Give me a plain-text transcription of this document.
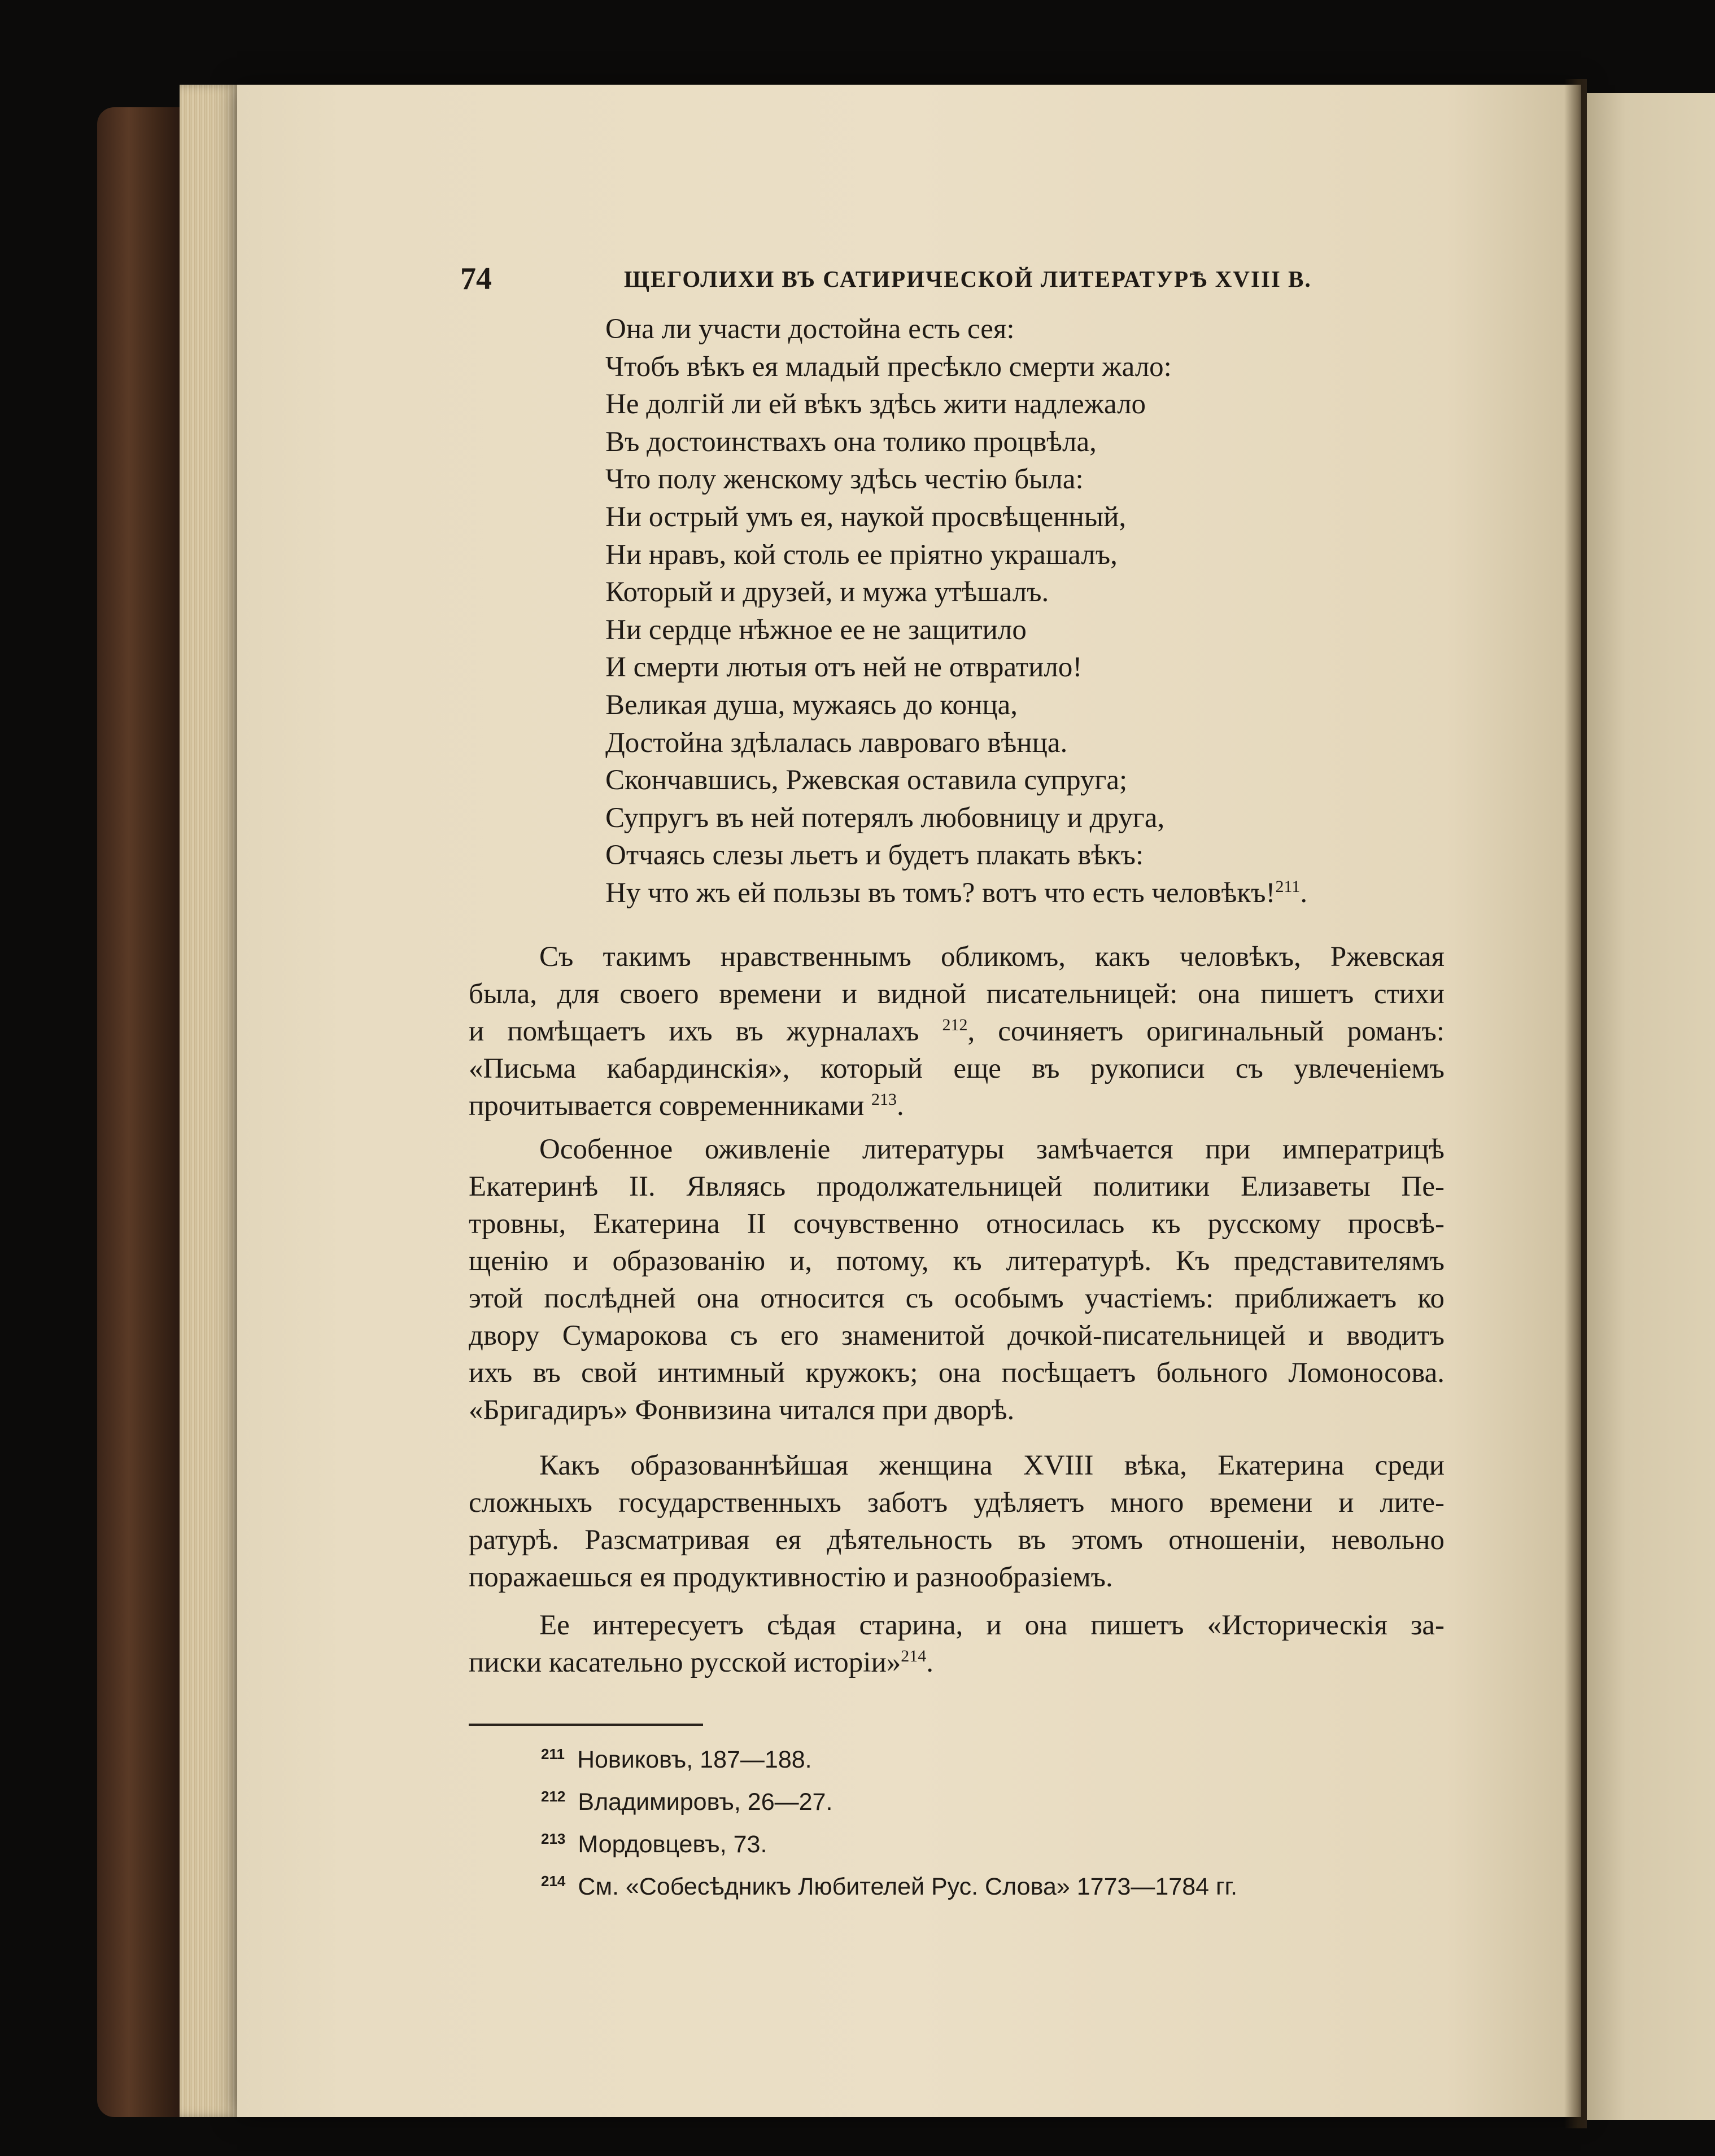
74	ЩЕГОЛИХИ ВЪ САТИРИЧЕСКОЙ ЛИТЕРАТУРѢ XVIII В.
Она ли участи достойна есть сея:
Чтобъ вѣкъ ея младый пресѣкло смерти жало:
Не долгій ли ей вѣкъ здѣсь жити надлежало
Въ достоинствахъ она толико процвѣла,
Что полу женскому здѣсь честію была:
Ни острый умъ ея, наукой просвѣщенный,
Ни нравъ, кой столь ее пріятно украшалъ,
Который и друзей, и мужа утѣшалъ.
Ни сердце нѣжное ее не защитило
И смерти лютыя отъ ней не отвратило!
Великая душа, мужаясь до конца,
Достойна здѣлалась лавроваго вѣнца.
Скончавшись, Ржевская оставила супруга;
Супругъ въ ней потерялъ любовницу и друга,
Отчаясь слезы льетъ и будетъ плакать вѣкъ:
Ну что жъ ей пользы въ томъ? вотъ что есть человѣкъ!$^{211}$.
Съ такимъ нравственнымъ обликомъ, какъ человѣкъ, Ржевская
была, для своего времени и видной писательницей: она пишетъ стихи
и помѣщаетъ ихъ въ журналахъ $^{212}$, сочиняетъ оригинальный романъ:
«Письма кабардинскія», который еще въ рукописи съ увлеченіемъ
прочитывается современниками $^{213}$.
Особенное оживленіе литературы замѣчается при императрицѣ
Екатеринѣ II. Являясь продолжательницей политики Елизаветы Пе-
тровны, Екатерина II сочувственно относилась къ русскому просвѣ-
щенію и образованію и, потому, къ литературѣ. Къ представителямъ
этой послѣдней она относится съ особымъ участіемъ: приближаетъ ко
двору Сумарокова съ его знаменитой дочкой-писательницей и вводитъ
ихъ въ свой интимный кружокъ; она посѣщаетъ больного Ломоносова.
«Бригадиръ» Фонвизина читался при дворѣ.
Какъ образованнѣйшая женщина XVIII вѣка, Екатерина среди
сложныхъ государственныхъ заботъ удѣляетъ много времени и лите-
ратурѣ. Разсматривая ея дѣятельность въ этомъ отношеніи, невольно
поражаешься ея продуктивностію и разнообразіемъ.
Ее интересуетъ сѣдая старина, и она пишетъ «Историческія за-
писки касательно русской исторіи»$^{214}$.
$^{211}$ Новиковъ, 187—188.
$^{212}$ Владимировъ, 26—27.
$^{213}$ Мордовцевъ, 73.
$^{214}$ См. «Собесѣдникъ Любителей Рус. Слова» 1773—1784 гг.
